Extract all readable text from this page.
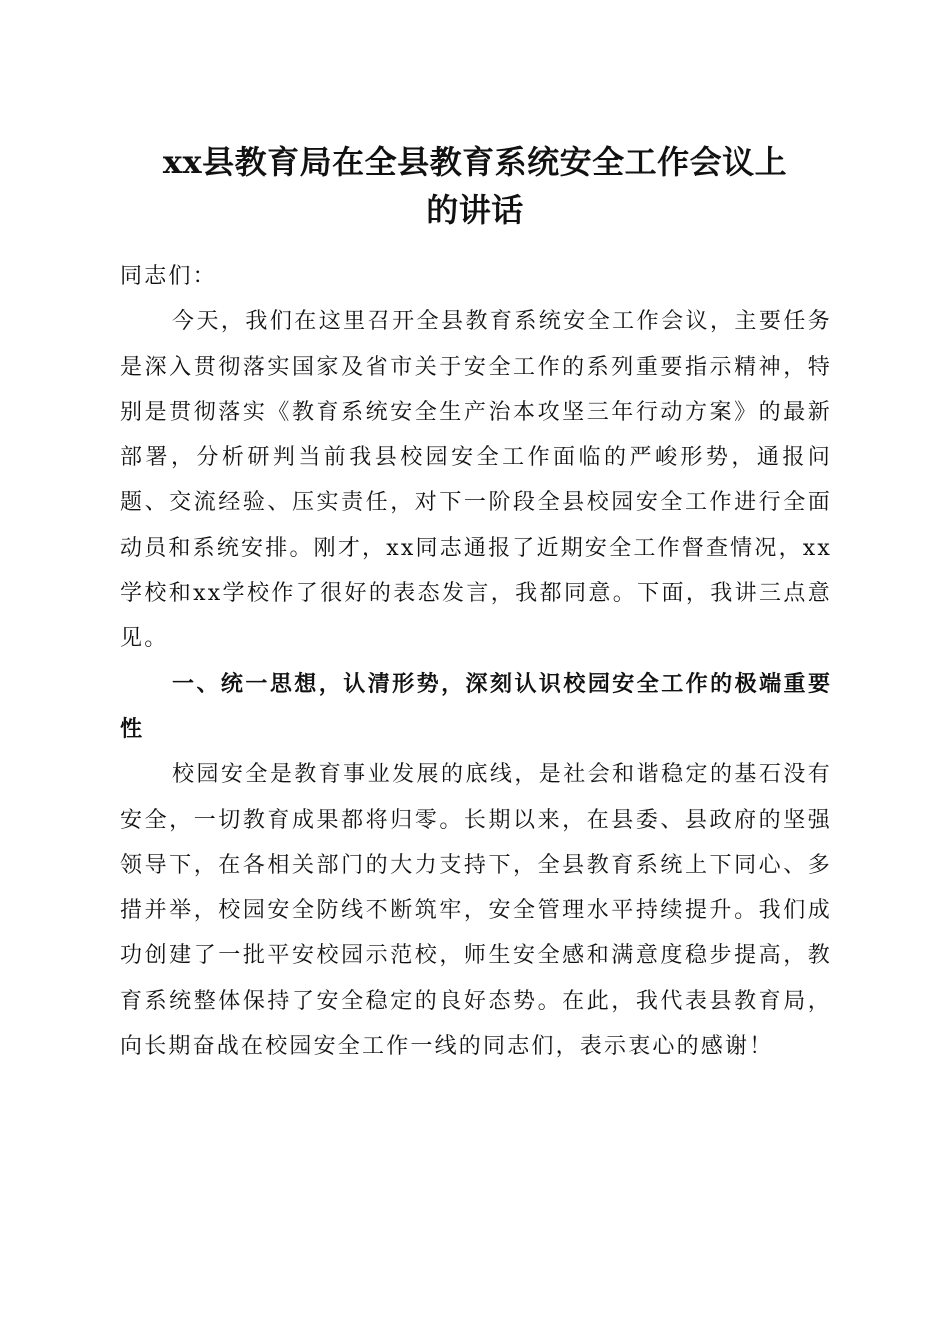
xx县教育局在全县教育系统安全工作会议上
的讲话

同志们：

今天，我们在这里召开全县教育系统安全工作会议，主要任务是深入贯彻落实国家及省市关于安全工作的系列重要指示精神，特别是贯彻落实《教育系统安全生产治本攻坚三年行动方案》的最新部署，分析研判当前我县校园安全工作面临的严峻形势，通报问题、交流经验、压实责任，对下一阶段全县校园安全工作进行全面动员和系统安排。刚才，xx同志通报了近期安全工作督查情况，xx学校和xx学校作了很好的表态发言，我都同意。下面，我讲三点意见。

一、统一思想，认清形势，深刻认识校园安全工作的极端重要性

校园安全是教育事业发展的底线，是社会和谐稳定的基石没有安全，一切教育成果都将归零。长期以来，在县委、县政府的坚强领导下，在各相关部门的大力支持下，全县教育系统上下同心、多措并举，校园安全防线不断筑牢，安全管理水平持续提升。我们成功创建了一批平安校园示范校，师生安全感和满意度稳步提高，教育系统整体保持了安全稳定的良好态势。在此，我代表县教育局，向长期奋战在校园安全工作一线的同志们，表示衷心的感谢！
